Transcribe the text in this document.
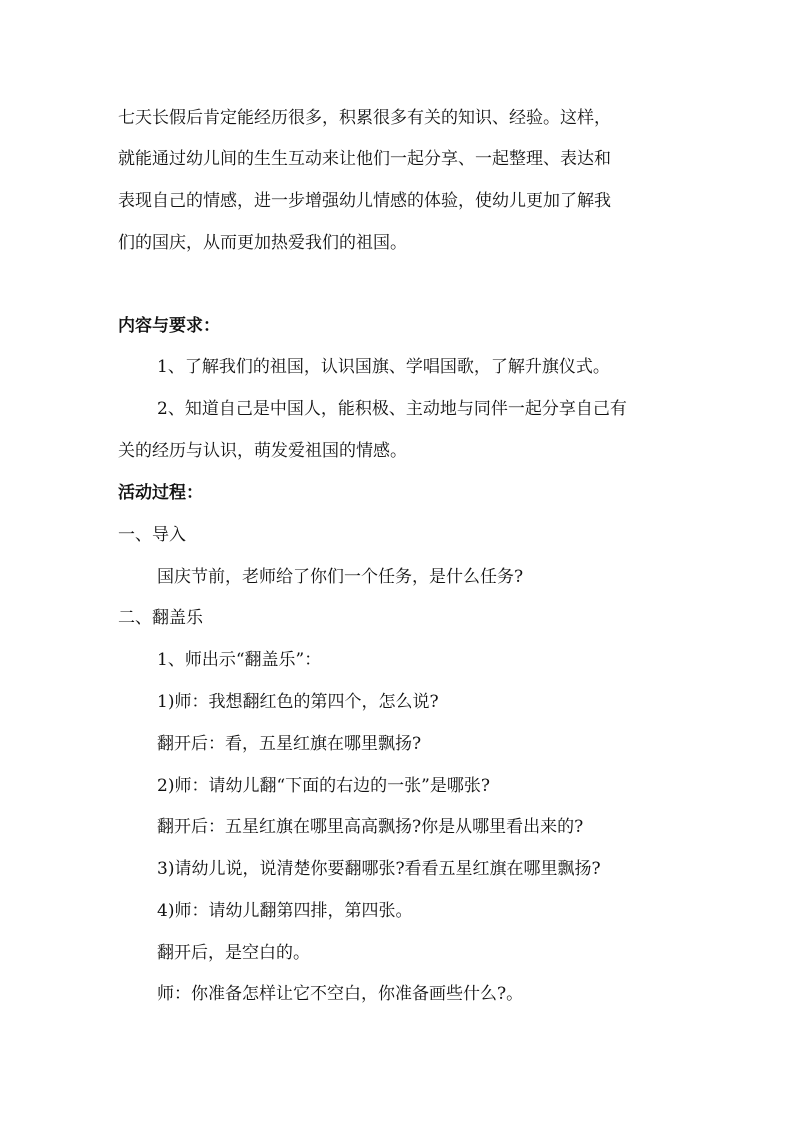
七天长假后肯定能经历很多，积累很多有关的知识、经验。这样，
就能通过幼儿间的生生互动来让他们一起分享、一起整理、表达和
表现自己的情感，进一步增强幼儿情感的体验，使幼儿更加了解我
们的国庆，从而更加热爱我们的祖国。
内容与要求：
1、了解我们的祖国，认识国旗、学唱国歌，了解升旗仪式。
2、知道自己是中国人，能积极、主动地与同伴一起分享自己有
关的经历与认识，萌发爱祖国的情感。
活动过程：
一、导入
国庆节前，老师给了你们一个任务，是什么任务?
二、翻盖乐
1、师出示“翻盖乐”：
1)师：我想翻红色的第四个，怎么说?
翻开后：看，五星红旗在哪里飘扬?
2)师：请幼儿翻“下面的右边的一张”是哪张?
翻开后：五星红旗在哪里高高飘扬?你是从哪里看出来的?
3)请幼儿说，说清楚你要翻哪张?看看五星红旗在哪里飘扬?
4)师：请幼儿翻第四排，第四张。
翻开后，是空白的。
师：你准备怎样让它不空白，你准备画些什么?。
